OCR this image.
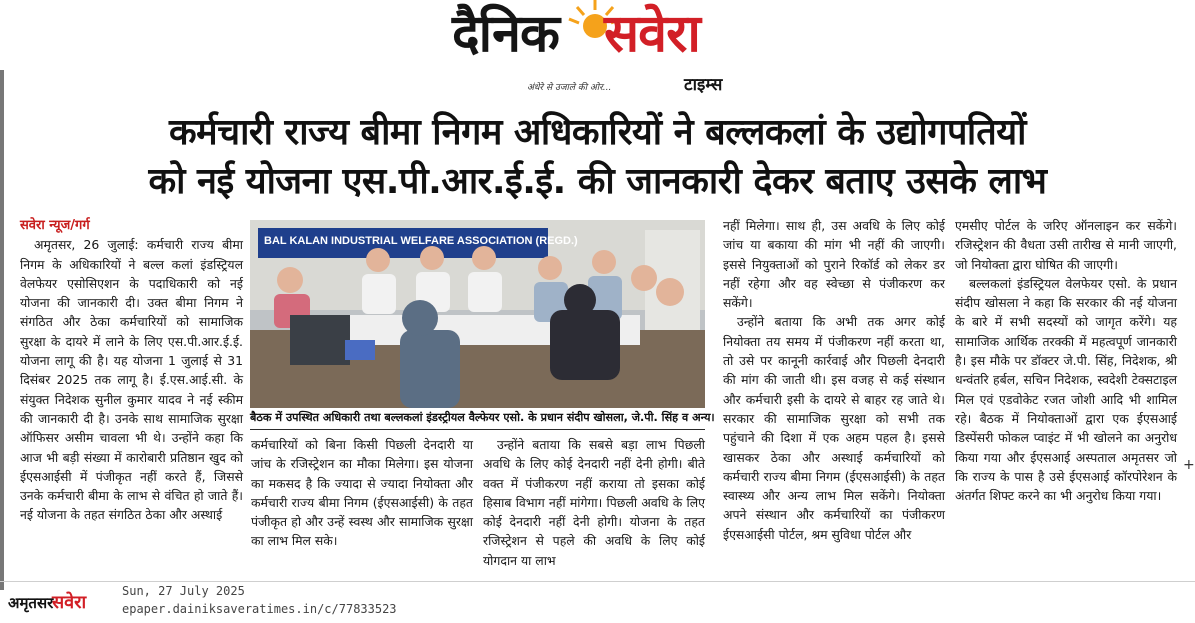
दैनिक सवेरा
अंधेरे से उजाले की ओर...	टाइम्स
कर्मचारी राज्य बीमा निगम अधिकारियों ने बल्लकलां के उद्योगपतियों
को नई योजना एस.पी.आर.ई.ई. की जानकारी देकर बताए उसके लाभ
सवेरा न्यूज/गर्ग

अमृतसर, 26 जुलाई: कर्मचारी राज्य बीमा निगम के अधिकारियों ने बल्ल कलां इंडस्ट्रियल वेलफेयर एसोसिएशन के पदाधिकारी को नई योजना की जानकारी दी। उक्त बीमा निगम ने संगठित और ठेका कर्मचारियों को सामाजिक सुरक्षा के दायरे में लाने के लिए एस.पी.आर.ई.ई. योजना लागू की है। यह योजना 1 जुलाई से 31 दिसंबर 2025 तक लागू है। ई.एस.आई.सी. के संयुक्त निदेशक सुनील कुमार यादव ने नई स्कीम की जानकारी दी है। उनके साथ सामाजिक सुरक्षा ऑफिसर असीम चावला भी थे। उन्होंने कहा कि आज भी बड़ी संख्या में कारोबारी प्रतिष्ठान खुद को ईएसआईसी में पंजीकृत नहीं करते हैं, जिससे उनके कर्मचारी बीमा के लाभ से वंचित हो जाते हैं। नई योजना के तहत संगठित ठेका और अस्थाई

BAL KALAN INDUSTRIAL WELFARE ASSOCIATION (REGD.)
बैठक में उपस्थित अधिकारी तथा बल्लकलां इंडस्ट्रीयल वैल्फेयर एसो. के प्रधान संदीप खोसला, जे.पी. सिंह व अन्य।

कर्मचारियों को बिना किसी पिछली देनदारी या जांच के रजिस्ट्रेशन का मौका मिलेगा। इस योजना का मकसद है कि ज्यादा से ज्यादा नियोक्ता और कर्मचारी राज्य बीमा निगम (ईएसआईसी) के तहत पंजीकृत हो और उन्हें स्वस्थ और सामाजिक सुरक्षा का लाभ मिल सके।

उन्होंने बताया कि सबसे बड़ा लाभ पिछली अवधि के लिए कोई देनदारी नहीं देनी होगी। बीते वक्त में पंजीकरण नहीं कराया तो इसका कोई हिसाब विभाग नहीं मांगेगा। पिछली अवधि के लिए कोई देनदारी नहीं देनी होगी। योजना के तहत रजिस्ट्रेशन से पहले की अवधि के लिए कोई योगदान या लाभ

नहीं मिलेगा। साथ ही, उस अवधि के लिए कोई जांच या बकाया की मांग भी नहीं की जाएगी। इससे नियुक्ताओं को पुराने रिकॉर्ड को लेकर डर नहीं रहेगा और वह स्वेच्छा से पंजीकरण कर सकेंगे।

उन्होंने बताया कि अभी तक अगर कोई नियोक्ता तय समय में पंजीकरण नहीं करता था, तो उसे पर कानूनी कार्रवाई और पिछली देनदारी की मांग की जाती थी। इस वजह से कई संस्थान और कर्मचारी इसी के दायरे से बाहर रह जाते थे। सरकार की सामाजिक सुरक्षा को सभी तक पहुंचाने की दिशा में एक अहम पहल है। इससे खासकर ठेका और अस्थाई कर्मचारियों को कर्मचारी राज्य बीमा निगम (ईएसआईसी) के तहत स्वास्थ्य और अन्य लाभ मिल सकेंगे। नियोक्ता अपने संस्थान और कर्मचारियों का पंजीकरण ईएसआईसी पोर्टल, श्रम सुविधा पोर्टल और

एमसीए पोर्टल के जरिए ऑनलाइन कर सकेंगे। रजिस्ट्रेशन की वैधता उसी तारीख से मानी जाएगी, जो नियोक्ता द्वारा घोषित की जाएगी।

बल्लकलां इंडस्ट्रियल वेलफेयर एसो. के प्रधान संदीप खोसला ने कहा कि सरकार की नई योजना के बारे में सभी सदस्यों को जागृत करेंगे। यह सामाजिक आर्थिक तरक्की में महत्वपूर्ण जानकारी है। इस मौके पर डॉक्टर जे.पी. सिंह, निदेशक, श्री धन्वंतरि हर्बल, सचिन निदेशक, स्वदेशी टेक्सटाइल मिल एवं एडवोकेट रजत जोशी आदि भी शामिल रहे। बैठक में नियोक्ताओं द्वारा एक ईएसआई डिस्पेंसरी फोकल प्वाइंट में भी खोलने का अनुरोध किया गया और ईएसआई अस्पताल अमृतसर जो कि राज्य के पास है उसे ईएसआई कॉरपोरेशन के अंतर्गत शिफ्ट करने का भी अनुरोध किया गया।

+
अमृतसर
सवेरा
Sun, 27 July 2025
epaper.dainiksaveratimes.in/c/77833523
